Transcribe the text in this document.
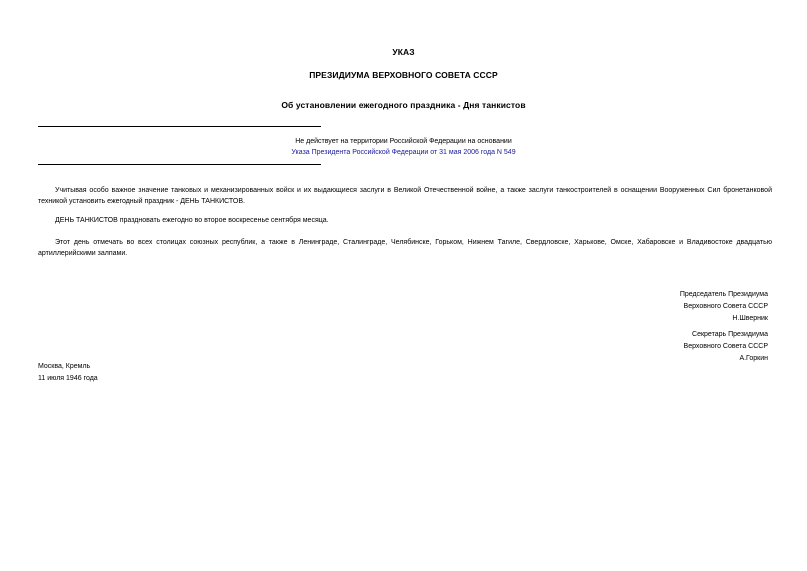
УКАЗ
ПРЕЗИДИУМА ВЕРХОВНОГО СОВЕТА СССР
Об установлении ежегодного праздника - Дня танкистов
Не действует на территории Российской Федерации на основании
Указа Президента Российской Федерации от 31 мая 2006 года N 549
Учитывая особо важное значение танковых и механизированных войск и их выдающиеся заслуги в Великой Отечественной войне, а также заслуги танкостроителей в оснащении Вооруженных Сил бронетанковой техникой установить ежегодный праздник - ДЕНЬ ТАНКИСТОВ.
ДЕНЬ ТАНКИСТОВ праздновать ежегодно во второе воскресенье сентября месяца.
Этот день отмечать во всех столицах союзных республик, а также в Ленинграде, Сталинграде, Челябинске, Горьком, Нижнем Тагиле, Свердловске, Харькове, Омске, Хабаровске и Владивостоке двадцатью артиллерийскими залпами.
Председатель Президиума
Верховного Совета СССР
Н.Шверник
Секретарь Президиума
Верховного Совета СССР
А.Горкин
Москва, Кремль
11 июля 1946 года
